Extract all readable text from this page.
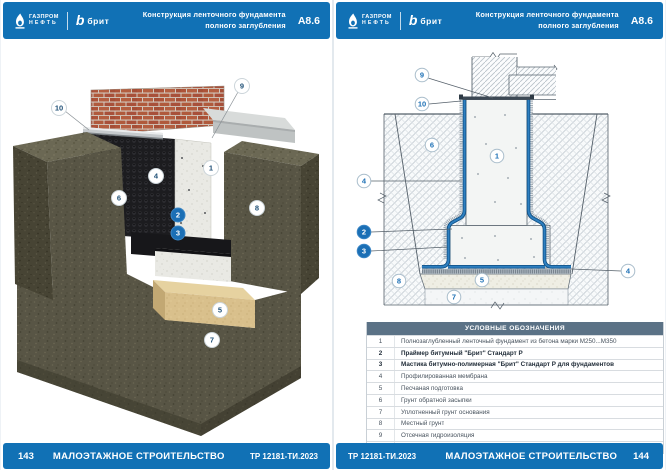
ГАЗПРОМ
НЕФТЬ b брит
Конструкция ленточного фундамента
полного заглубления А8.6
10
9
4
6
1
8
2
3
5
7
143 МАЛОЭТАЖНОЕ СТРОИТЕЛЬСТВО	ТР 12181-ТИ.2023
ГАЗПРОМ
НЕФТЬ b брит
Конструкция ленточного фундамента
полного заглубления А8.6
9
10
6
1
4
2
3
8	5
7
4
УСЛОВНЫЕ ОБОЗНАЧЕНИЯ
1	Полнозаглубленный ленточный фундамент из бетона марки М250...М350
2	Праймер битумный "Брит" Стандарт Р
3	Мастика битумно-полимерная "Брит" Стандарт Р для фундаментов
4	Профилированная мембрана
5	Песчаная подготовка
6	Грунт обратной засыпки
7	Уплотненный грунт основания
8	Местный грунт
9	Отсечная гидроизоляция
ТР 12181-ТИ.2023	МАЛОЭТАЖНОЕ СТРОИТЕЛЬСТВО 144
